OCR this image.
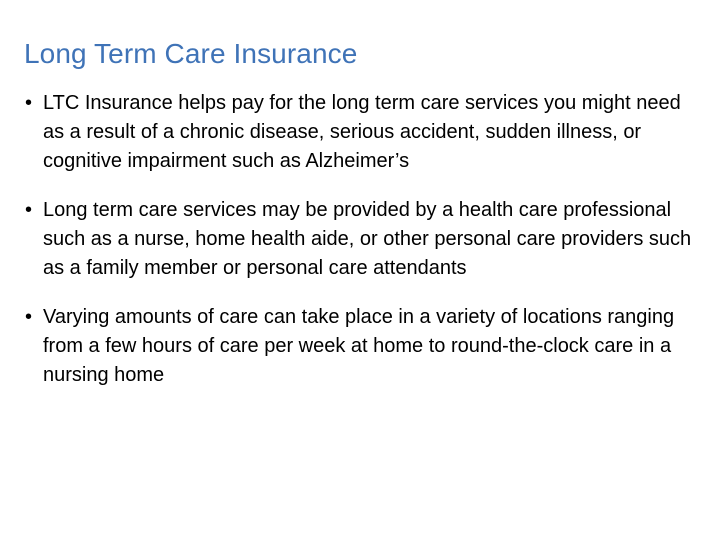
Long Term Care Insurance
• LTC Insurance helps pay for the long term care services you might need as a result of a chronic disease, serious accident, sudden illness, or cognitive impairment such as Alzheimer’s
• Long term care services may be provided by a health care professional such as a nurse, home health aide, or other personal care providers such as a family member or personal care attendants
• Varying amounts of care can take place in a variety of locations ranging from a few hours of care per week at home to round-the-clock care in a nursing home
